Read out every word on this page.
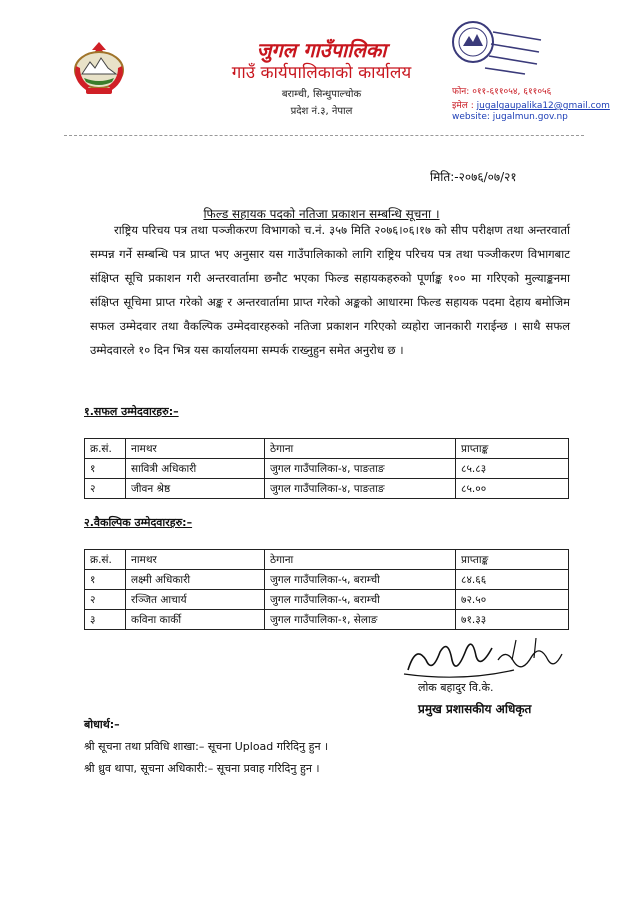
जुगल गाउँपालिका
गाउँ कार्यपालिकाको कार्यालय
बराम्ची, सिन्धुपाल्चोक
प्रदेश नं.३, नेपाल
फोन: ०११-६११०५४, ६११०५६
इमेल : jugalgaupalika12@gmail.com
website: jugalmun.gov.np
मिति:-२०७६/०७/२१
फिल्ड सहायक पदको नतिजा प्रकाशन सम्बन्धि सूचना ।

राष्ट्रिय परिचय पत्र तथा पञ्जीकरण विभागको च.नं. ३५७ मिति २०७६।०६।१७ को सीप परीक्षण तथा अन्तरवार्ता सम्पन्न गर्ने सम्बन्धि पत्र प्राप्त भए अनुसार यस गाउँपालिकाको लागि राष्ट्रिय परिचय पत्र तथा पञ्जीकरण विभागबाट संक्षिप्त सूचि प्रकाशन गरी अन्तरवार्तामा छनौट भएका फिल्ड सहायकहरुको पूर्णाङ्क १०० मा गरिएको मुल्याङ्कनमा संक्षिप्त सूचिमा प्राप्त गरेको अङ्क र अन्तरवार्तामा प्राप्त गरेको अङ्कको आधारमा फिल्ड सहायक पदमा देहाय बमोजिम सफल उम्मेदवार तथा वैकल्पिक उम्मेदवारहरुको नतिजा प्रकाशन गरिएको व्यहोरा जानकारी गराईन्छ । साथै सफल उम्मेदवारले १० दिन भित्र यस कार्यालयमा सम्पर्क राख्नुहुन समेत अनुरोध छ ।

१.सफल उम्मेदवारहरु:–
क्र.सं.	नामथर	ठेगाना	प्राप्ताङ्क
१	सावित्री अधिकारी	जुगल गाउँपालिका-४, पाङताङ	८५.८३
२	जीवन श्रेष्ठ	जुगल गाउँपालिका-४, पाङताङ	८५.००
२.वैकल्पिक उम्मेदवारहरु:–
क्र.सं.	नामथर	ठेगाना	प्राप्ताङ्क
१	लक्ष्मी अधिकारी	जुगल गाउँपालिका-५, बराम्ची	८४.६६
२	रञ्जित आचार्य	जुगल गाउँपालिका-५, बराम्ची	७२.५०
३	कविना कार्की	जुगल गाउँपालिका-१, सेलाङ	७१.३३
लोक बहादुर वि.के.
प्रमुख प्रशासकीय अधिकृत
बोधार्थ:–
श्री सूचना तथा प्रविधि शाखा:– सूचना Upload गरिदिनु हुन ।
श्री ध्रुव थापा, सूचना अधिकारी:– सूचना प्रवाह गरिदिनु हुन ।
